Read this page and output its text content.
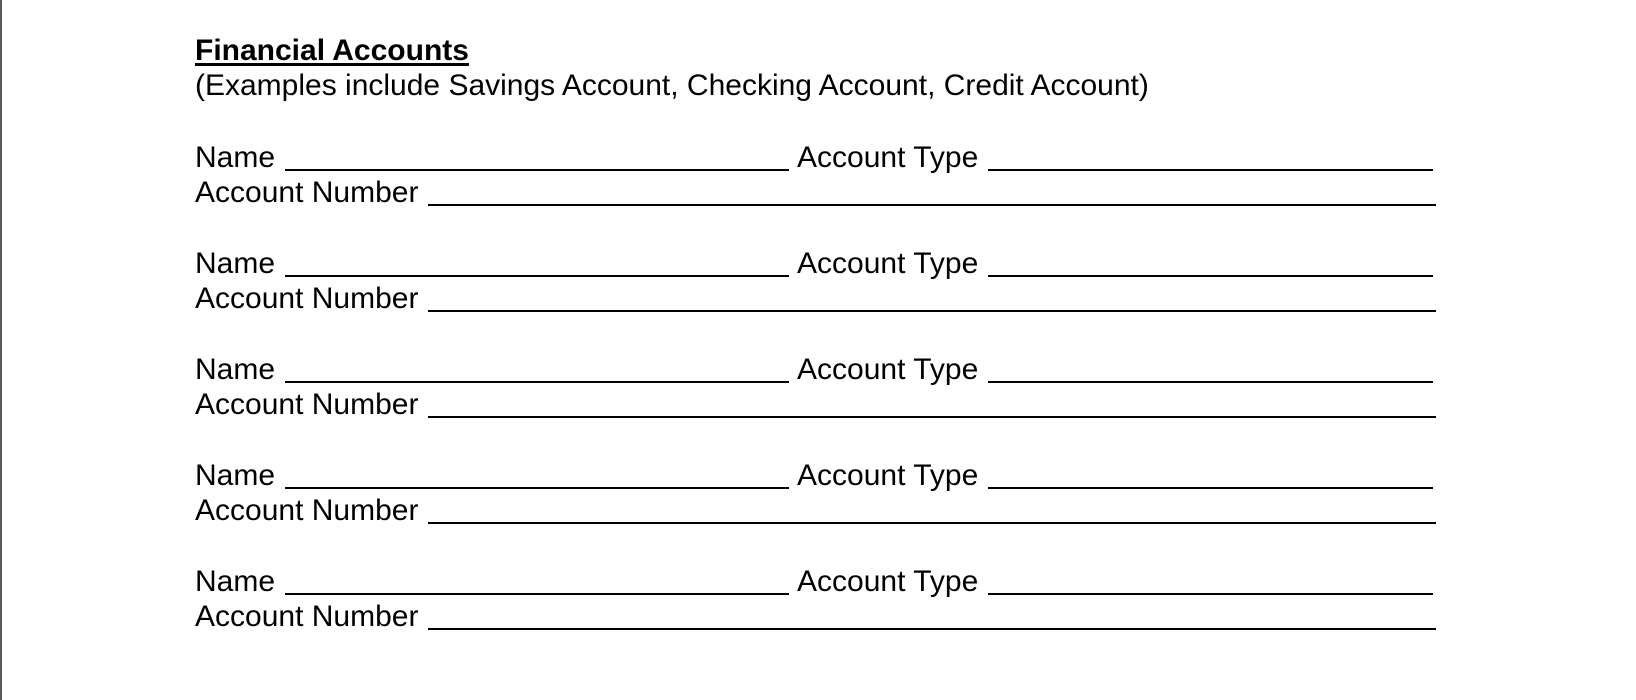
Financial Accounts

(Examples include Savings Account, Checking Account, Credit Account)

Name	Account Type
Account Number
Name	Account Type
Account Number
Name	Account Type
Account Number
Name	Account Type
Account Number
Name	Account Type
Account Number
